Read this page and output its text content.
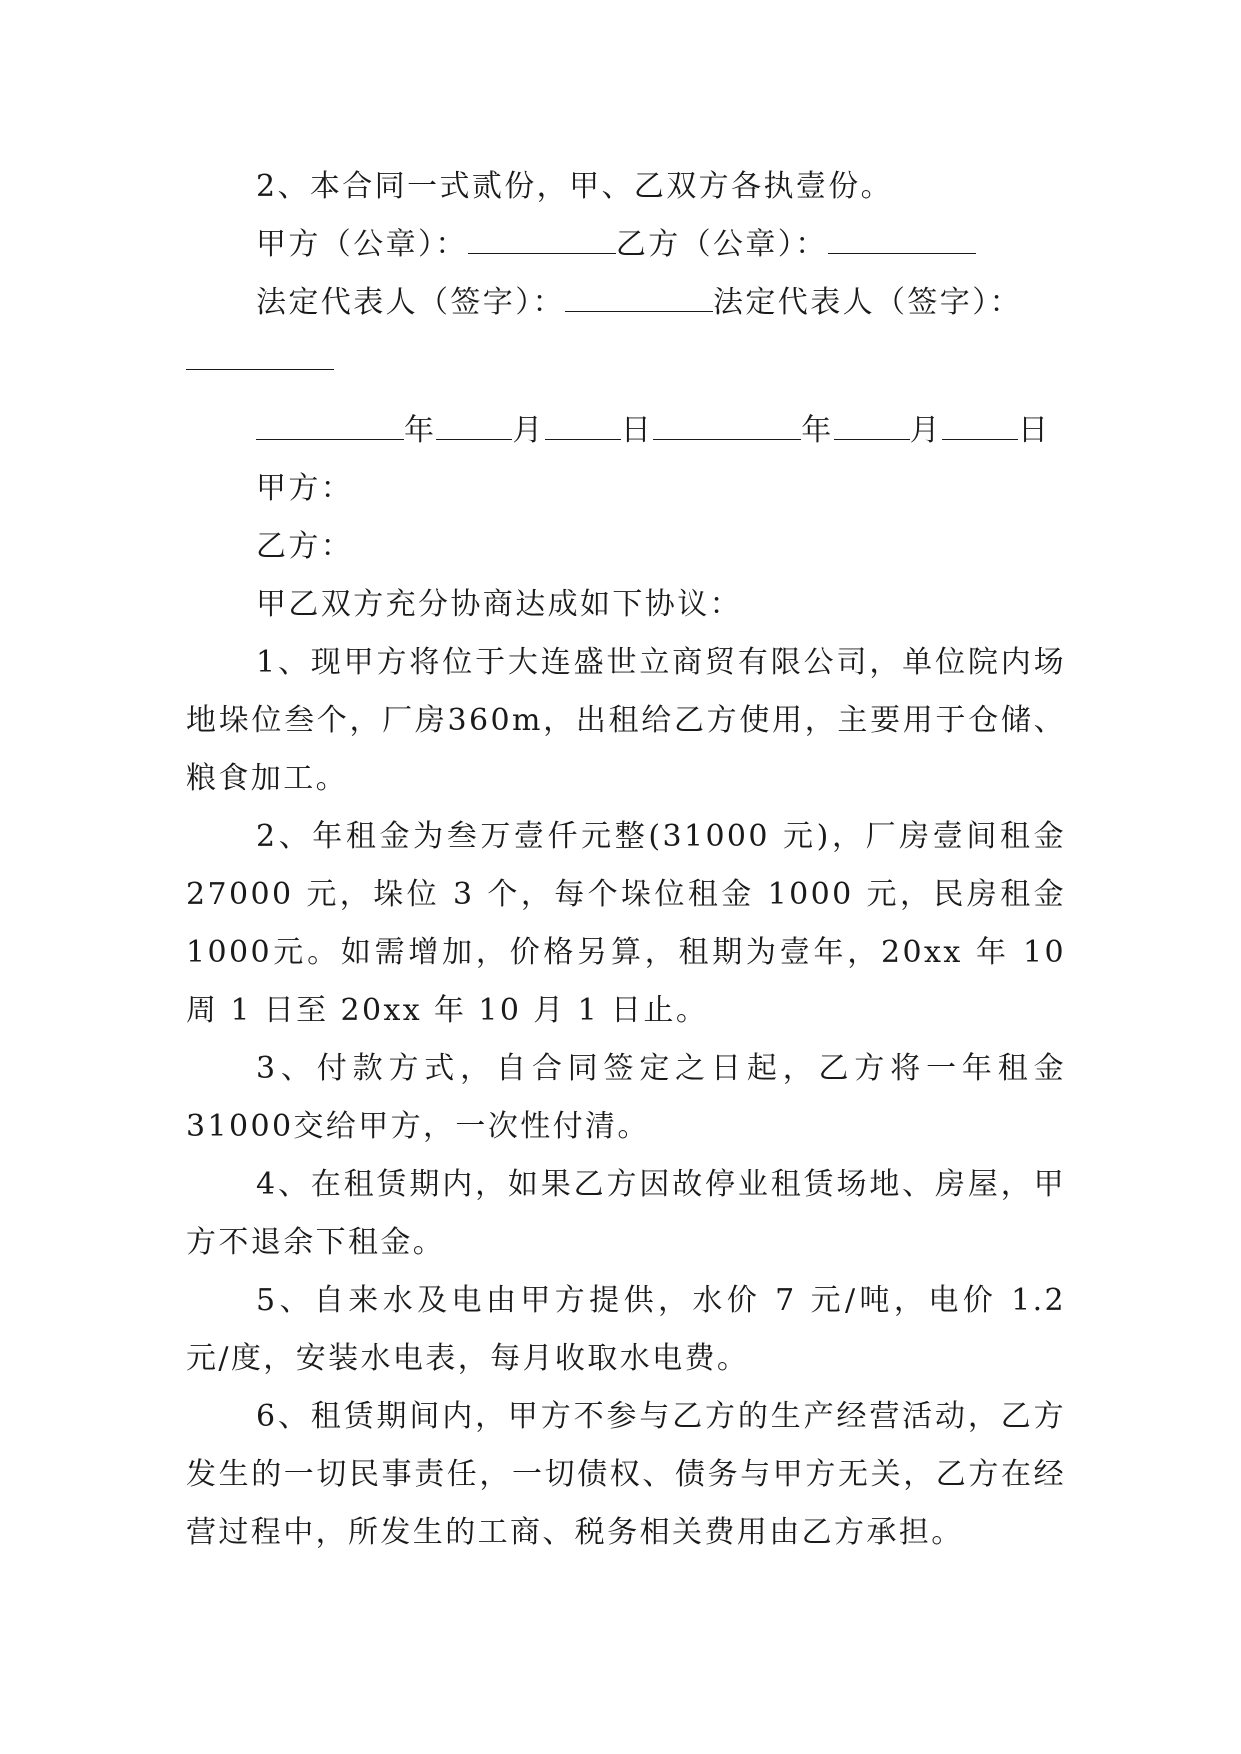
2、本合同一式贰份，甲、乙双方各执壹份。

甲方（公章）：	乙方（公章）：

法定代表人（签字）：	法定代表人（签字）：

年	月	日	年	月	日

甲方：

乙方：

甲乙双方充分协商达成如下协议：

1、现甲方将位于大连盛世立商贸有限公司，单位院内场地垛位叁个，厂房360m，出租给乙方使用，主要用于仓储、粮食加工。

2、年租金为叁万壹仟元整(31000 元)，厂房壹间租金27000 元，垛位 3 个，每个垛位租金 1000 元，民房租金 1000元。如需增加，价格另算，租期为壹年，20xx 年 10 周 1 日至 20xx 年 10 月 1 日止。

3、付款方式，自合同签定之日起，乙方将一年租金 31000交给甲方，一次性付清。

4、在租赁期内，如果乙方因故停业租赁场地、房屋，甲方不退余下租金。

5、自来水及电由甲方提供，水价 7 元/吨，电价 1.2 元/度，安装水电表，每月收取水电费。

6、租赁期间内，甲方不参与乙方的生产经营活动，乙方发生的一切民事责任，一切债权、债务与甲方无关，乙方在经营过程中，所发生的工商、税务相关费用由乙方承担。
